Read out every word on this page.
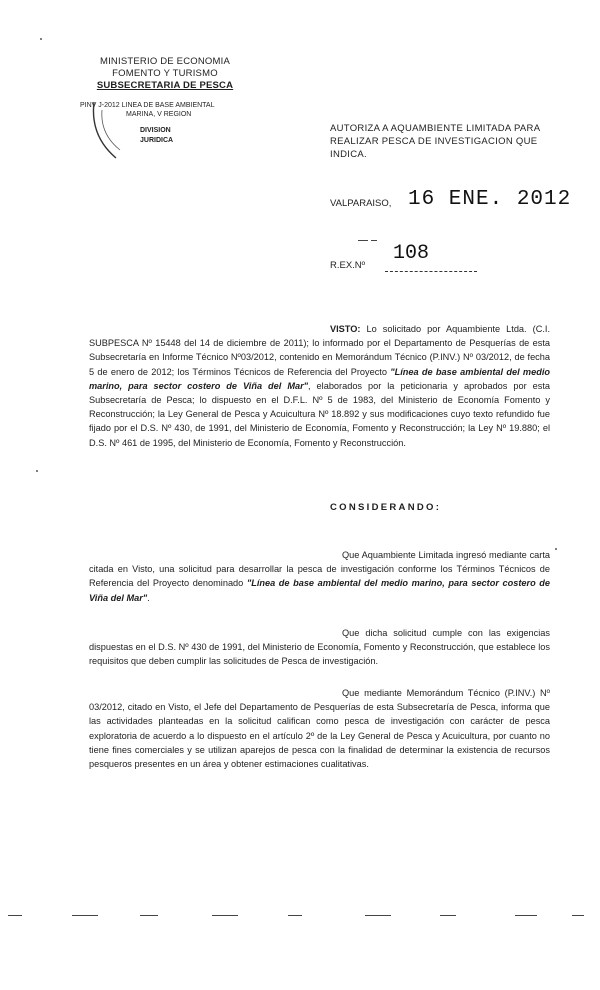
MINISTERIO DE ECONOMIA
FOMENTO Y TURISMO
SUBSECRETARIA DE PESCA
PINV J-2012 LINEA DE BASE AMBIENTAL
MARINA, V REGION
DIVISION
JURIDICA
AUTORIZA A AQUAMBIENTE LIMITADA PARA REALIZAR PESCA DE INVESTIGACION QUE INDICA.
VALPARAISO, 16 ENE. 2012
108
R.EX.Nº
VISTO: Lo solicitado por Aquambiente Ltda. (C.I. SUBPESCA Nº 15448 del 14 de diciembre de 2011); lo informado por el Departamento de Pesquerías de esta Subsecretaría en Informe Técnico Nº03/2012, contenido en Memorándum Técnico (P.INV.) Nº 03/2012, de fecha 5 de enero de 2012; los Términos Técnicos de Referencia del Proyecto "Línea de base ambiental del medio marino, para sector costero de Viña del Mar", elaborados por la peticionaria y aprobados por esta Subsecretaría de Pesca; lo dispuesto en el D.F.L. Nº 5 de 1983, del Ministerio de Economía Fomento y Reconstrucción; la Ley General de Pesca y Acuicultura Nº 18.892 y sus modificaciones cuyo texto refundido fue fijado por el D.S. Nº 430, de 1991, del Ministerio de Economía, Fomento y Reconstrucción; la Ley Nº 19.880; el D.S. Nº 461 de 1995, del Ministerio de Economía, Fomento y Reconstrucción.
CONSIDERANDO:
Que Aquambiente Limitada ingresó mediante carta citada en Visto, una solicitud para desarrollar la pesca de investigación conforme los Términos Técnicos de Referencia del Proyecto denominado "Línea de base ambiental del medio marino, para sector costero de Viña del Mar".
Que dicha solicitud cumple con las exigencias dispuestas en el D.S. Nº 430 de 1991, del Ministerio de Economía, Fomento y Reconstrucción, que establece los requisitos que deben cumplir las solicitudes de Pesca de investigación.
Que mediante Memorándum Técnico (P.INV.) Nº 03/2012, citado en Visto, el Jefe del Departamento de Pesquerías de esta Subsecretaría de Pesca, informa que las actividades planteadas en la solicitud califican como pesca de investigación con carácter de pesca exploratoria de acuerdo a lo dispuesto en el artículo 2º de la Ley General de Pesca y Acuicultura, por cuanto no tiene fines comerciales y se utilizan aparejos de pesca con la finalidad de determinar la existencia de recursos pesqueros presentes en un área y obtener estimaciones cualitativas.
